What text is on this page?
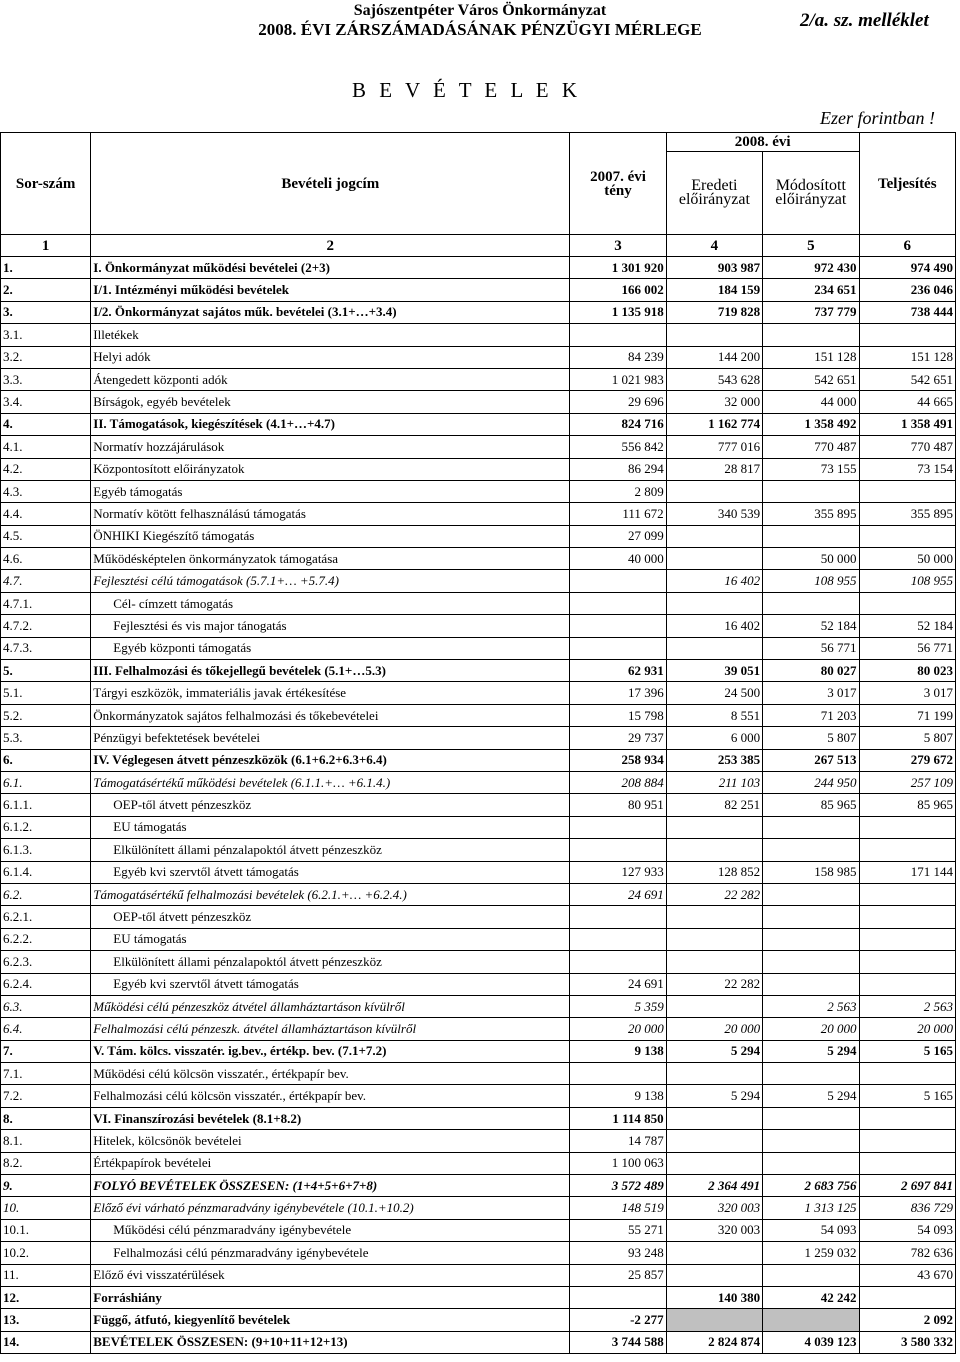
Sajószentpéter Város Önkormányzat
2008. ÉVI ZÁRSZÁMADÁSÁNAK PÉNZÜGYI MÉRLEGE	2/a. sz. melléklet
B E V É T E L E K
Ezer forintban !
Sor-szám	Bevételi jogcím	2007. évi tény	2008. évi		Teljesítés
			Eredeti előirányzat	Módosított előirányzat	
1	2	3	4	5	6
1.	I. Önkormányzat működési bevételei (2+3)	1 301 920	903 987	972 430	974 490
2.	I/1. Intézményi működési bevételek	166 002	184 159	234 651	236 046
3.	I/2. Önkormányzat sajátos műk. bevételei (3.1+…+3.4)	1 135 918	719 828	737 779	738 444
3.1.	Illetékek				
3.2.	Helyi adók	84 239	144 200	151 128	151 128
3.3.	Átengedett központi adók	1 021 983	543 628	542 651	542 651
3.4.	Bírságok, egyéb bevételek	29 696	32 000	44 000	44 665
4.	II. Támogatások, kiegészítések (4.1+…+4.7)	824 716	1 162 774	1 358 492	1 358 491
4.1.	Normatív hozzájárulások	556 842	777 016	770 487	770 487
4.2.	Központosított előirányzatok	86 294	28 817	73 155	73 154
4.3.	Egyéb támogatás	2 809			
4.4.	Normatív kötött felhasználású támogatás	111 672	340 539	355 895	355 895
4.5.	ÖNHIKI Kiegészítő támogatás	27 099			
4.6.	Működésképtelen önkormányzatok támogatása	40 000		50 000	50 000
4.7.	Fejlesztési célú támogatások (5.7.1+… +5.7.4)		16 402	108 955	108 955
4.7.1.	Cél- címzett támogatás				
4.7.2.	Fejlesztési és vis major tánogatás		16 402	52 184	52 184
4.7.3.	Egyéb központi támogatás			56 771	56 771
5.	III. Felhalmozási és tőkejellegű bevételek (5.1+…5.3)	62 931	39 051	80 027	80 023
5.1.	Tárgyi eszközök, immateriális javak értékesítése	17 396	24 500	3 017	3 017
5.2.	Önkormányzatok sajátos felhalmozási és tőkebevételei	15 798	8 551	71 203	71 199
5.3.	Pénzügyi befektetések bevételei	29 737	6 000	5 807	5 807
6.	IV. Véglegesen átvett pénzeszközök (6.1+6.2+6.3+6.4)	258 934	253 385	267 513	279 672
6.1.	Támogatásértékű működési bevételek (6.1.1.+… +6.1.4.)	208 884	211 103	244 950	257 109
6.1.1.	OEP-től átvett pénzeszköz	80 951	82 251	85 965	85 965
6.1.2.	EU támogatás				
6.1.3.	Elkülönített állami pénzalapoktól átvett pénzeszköz				
6.1.4.	Egyéb kvi szervtől átvett támogatás	127 933	128 852	158 985	171 144
6.2.	Támogatásértékű felhalmozási bevételek (6.2.1.+… +6.2.4.)	24 691	22 282		
6.2.1.	OEP-től átvett pénzeszköz				
6.2.2.	EU támogatás				
6.2.3.	Elkülönített állami pénzalapoktól átvett pénzeszköz				
6.2.4.	Egyéb kvi szervtől átvett támogatás	24 691	22 282		
6.3.	Működési célú pénzeszköz átvétel államháztartáson kívülről	5 359		2 563	2 563
6.4.	Felhalmozási célú pénzeszk. átvétel államháztartáson kívülről	20 000	20 000	20 000	20 000
7.	V. Tám. kölcs. visszatér. ig.bev., értékp. bev. (7.1+7.2)	9 138	5 294	5 294	5 165
7.1.	Működési célú kölcsön visszatér., értékpapír bev.				
7.2.	Felhalmozási célú kölcsön visszatér., értékpapír bev.	9 138	5 294	5 294	5 165
8.	VI. Finanszírozási bevételek (8.1+8.2)	1 114 850			
8.1.	Hitelek, kölcsönök bevételei	14 787			
8.2.	Értékpapírok bevételei	1 100 063			
9.	FOLYÓ BEVÉTELEK ÖSSZESEN: (1+4+5+6+7+8)	3 572 489	2 364 491	2 683 756	2 697 841
10.	Előző évi várható pénzmaradvány igénybevétele (10.1.+10.2)	148 519	320 003	1 313 125	836 729
10.1.	Működési célú pénzmaradvány igénybevétele	55 271	320 003	54 093	54 093
10.2.	Felhalmozási célú pénzmaradvány igénybevétele	93 248		1 259 032	782 636
11.	Előző évi visszatérülések	25 857			43 670
12.	Forráshiány		140 380	42 242	
13.	Függő, átfutó, kiegyenlítő bevételek	-2 277			2 092
14.	BEVÉTELEK ÖSSZESEN: (9+10+11+12+13)	3 744 588	2 824 874	4 039 123	3 580 332
